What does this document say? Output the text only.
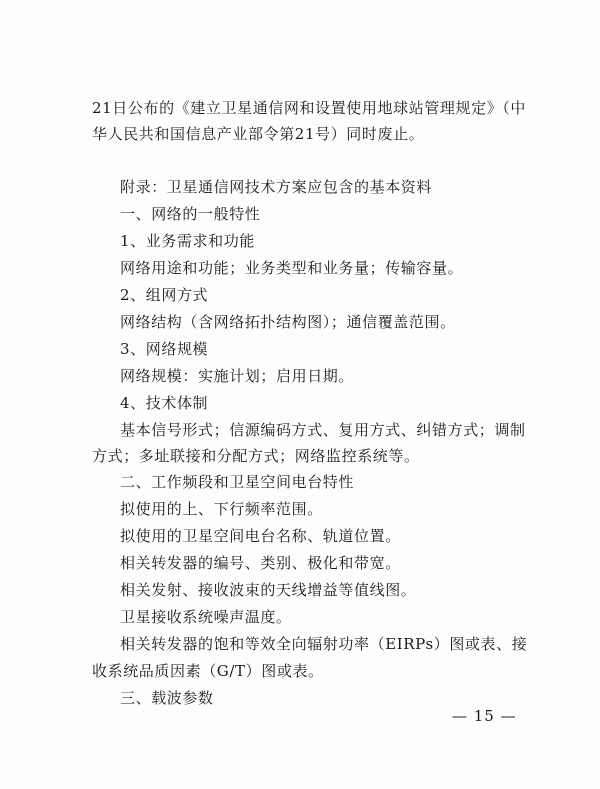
21日公布的《建立卫星通信网和设置使用地球站管理规定》（中
华人民共和国信息产业部令第21号）同时废止。
附录：卫星通信网技术方案应包含的基本资料
一、网络的一般特性
1、业务需求和功能
网络用途和功能；业务类型和业务量；传输容量。
2、组网方式
网络结构（含网络拓扑结构图）；通信覆盖范围。
3、网络规模
网络规模：实施计划；启用日期。
4、技术体制
基本信号形式；信源编码方式、复用方式、纠错方式；调制
方式；多址联接和分配方式；网络监控系统等。
二、工作频段和卫星空间电台特性
拟使用的上、下行频率范围。
拟使用的卫星空间电台名称、轨道位置。
相关转发器的编号、类别、极化和带宽。
相关发射、接收波束的天线增益等值线图。
卫星接收系统噪声温度。
相关转发器的饱和等效全向辐射功率（EIRPs）图或表、接
收系统品质因素（G/T）图或表。
三、载波参数
— 15 —
